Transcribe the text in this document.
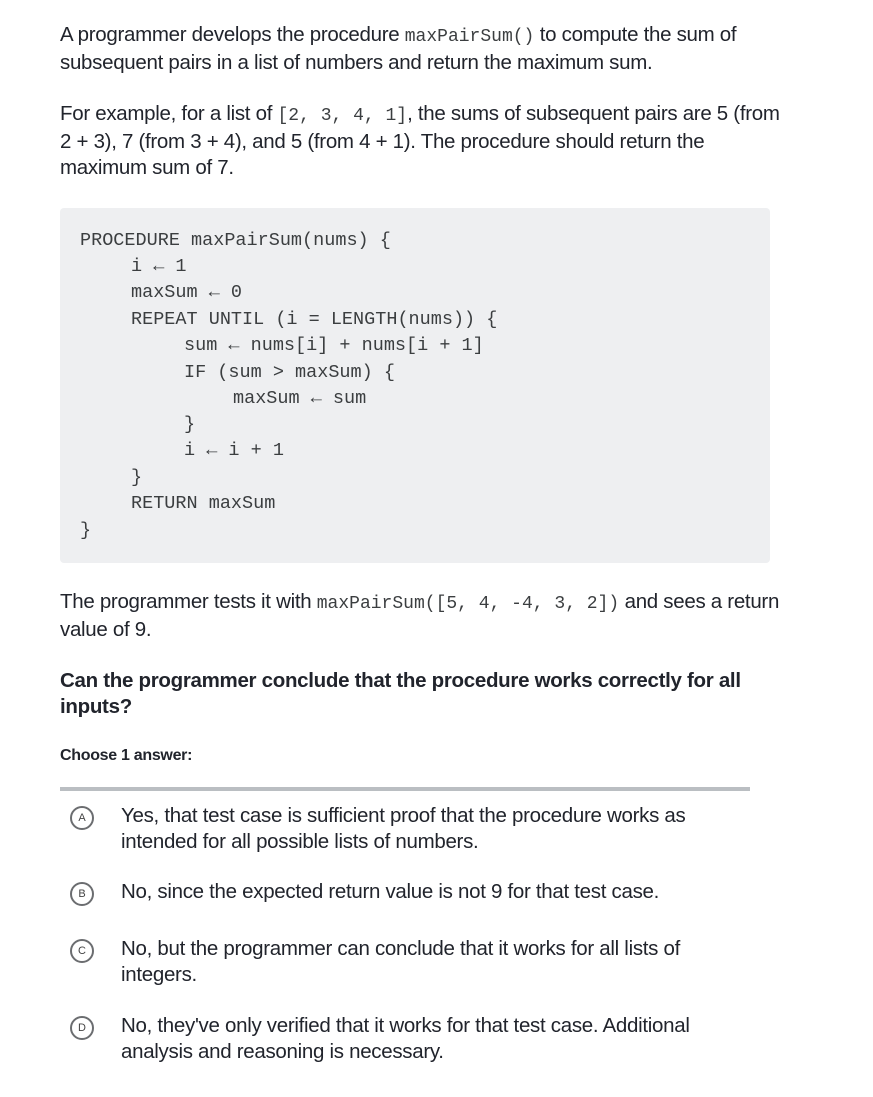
A programmer develops the procedure maxPairSum() to compute the sum of subsequent pairs in a list of numbers and return the maximum sum.

For example, for a list of [2, 3, 4, 1], the sums of subsequent pairs are 5 (from 2 + 3), 7 (from 3 + 4), and 5 (from 4 + 1). The procedure should return the maximum sum of 7.

PROCEDURE maxPairSum(nums) {
i ← 1
maxSum ← 0
REPEAT UNTIL (i = LENGTH(nums)) {
sum ← nums[i] + nums[i + 1]
IF (sum > maxSum) {
maxSum ← sum
}
i ← i + 1
}
RETURN maxSum
}

The programmer tests it with maxPairSum([5, 4, -4, 3, 2]) and sees a return value of 9.

Can the programmer conclude that the procedure works correctly for all inputs?

Choose 1 answer:
A	Yes, that test case is sufficient proof that the procedure works as intended for all possible lists of numbers.
B	No, since the expected return value is not 9 for that test case.
C	No, but the programmer can conclude that it works for all lists of integers.
D	No, they've only verified that it works for that test case. Additional analysis and reasoning is necessary.
